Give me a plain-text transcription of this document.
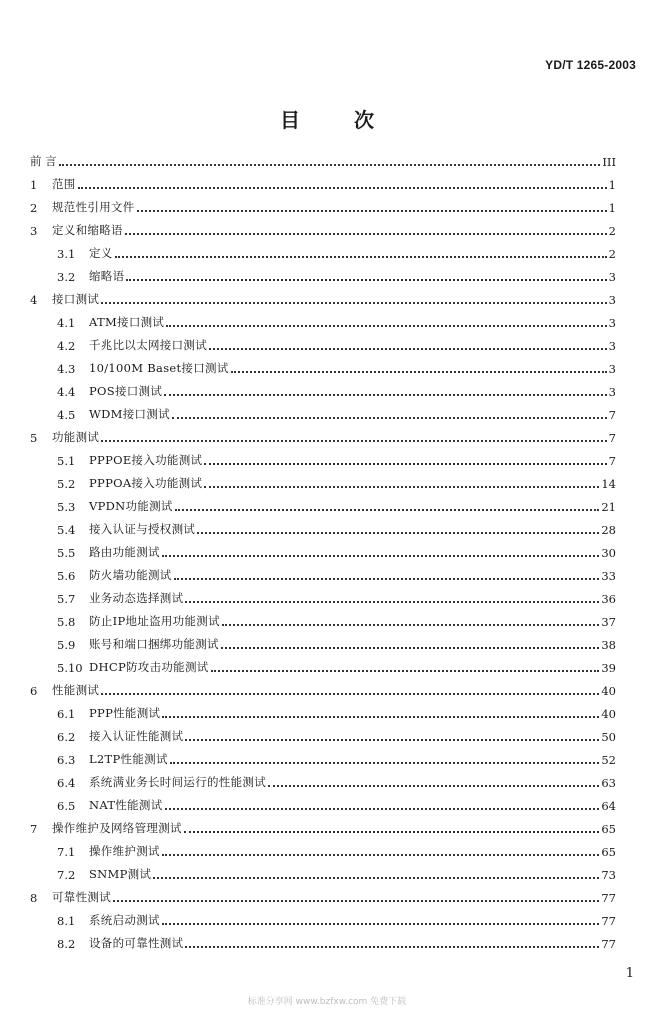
YD/T 1265-2003
目次
前 言	III
1	范围	1
2	规范性引用文件	1
3	定义和缩略语	2
3.1	定义	2
3.2	缩略语	3
4	接口测试	3
4.1	ATM接口测试	3
4.2	千兆比以太网接口测试	3
4.3	10/100M Baset接口测试	3
4.4	POS接口测试	3
4.5	WDM接口测试	7
5	功能测试	7
5.1	PPPOE接入功能测试	7
5.2	PPPOA接入功能测试	14
5.3	VPDN功能测试	21
5.4	接入认证与授权测试	28
5.5	路由功能测试	30
5.6	防火墙功能测试	33
5.7	业务动态选择测试	36
5.8	防止IP地址盗用功能测试	37
5.9	账号和端口捆绑功能测试	38
5.10 DHCP防攻击功能测试	39
6	性能测试	40
6.1	PPP性能测试	40
6.2	接入认证性能测试	50
6.3	L2TP性能测试	52
6.4	系统满业务长时间运行的性能测试	63
6.5	NAT性能测试	64
7	操作维护及网络管理测试	65
7.1	操作维护测试	65
7.2	SNMP测试	73
8	可靠性测试	77
8.1	系统启动测试	77
8.2	设备的可靠性测试	77
1
标准分享网 www.bzfxw.com 免费下载
